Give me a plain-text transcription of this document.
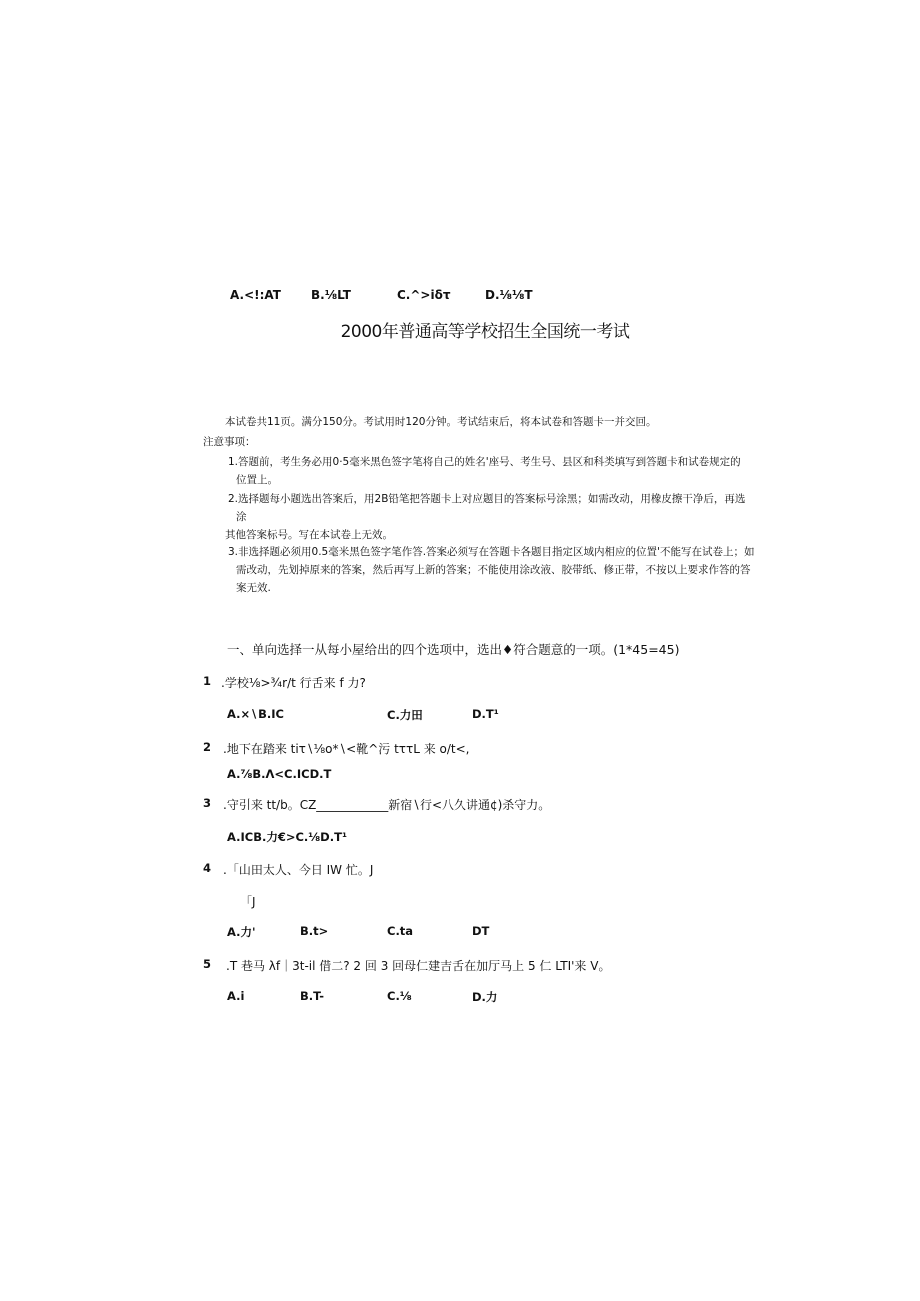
A.<!:AT	B.⅛LT	C.^>iδτ	D.⅛⅛T
2000年普通高等学校招生全国统一考试
本试卷共11页。满分150分。考试用时120分钟。考试结束后，将本试卷和答题卡一并交回。
注意事项：
1.答题前，考生务必用0·5毫米黑色签字笔将自己的姓名'座号、考生号、县区和科类填写到答题卡和试卷规定的
位置上。
2.选择题每小题选出答案后，用2B铅笔把答题卡上对应题目的答案标号涂黑；如需改动，用橡皮擦干净后，再选
涂
其他答案标号。写在本试卷上无效。
3.非选择题必须用0.5毫米黑色签字笔作答.答案必须写在答题卡各题目指定区域内相应的位置'不能写在试卷上；如
需改动，先划掉原来的答案，然后再写上新的答案；不能使用涂改液、胶带纸、修正带，不按以上要求作答的答
案无效.
一、单向选择一从每小屋给出的四个选项中，选出♦符合题意的一项。(1*45=45)
1 .学校⅛>¾r/t 行舌来 f 力?
A.×∖B.IC	C.力田	D.T¹
2 .地下在踏来 tiτ∖⅛o*∖<靴^污 tττL 来 o/t<,
A.⅞B.Λ<C.ICD.T
3 .守引来 tt/b。CZ____________新宿∖行<八久讲通¢)杀守力。
A.ICB.力€>C.⅛D.T¹
4 .「山田太人、今日 IW 忙。J
「J
A.力'	B.t>	C.ta	DT
5 .T 巷马 λf｜3t-il 借二? 2 回 3 回母仁建吉舌在加厅马上 5 仁 LTI'来 V。
A.i	B.T-	C.⅛	D.力
